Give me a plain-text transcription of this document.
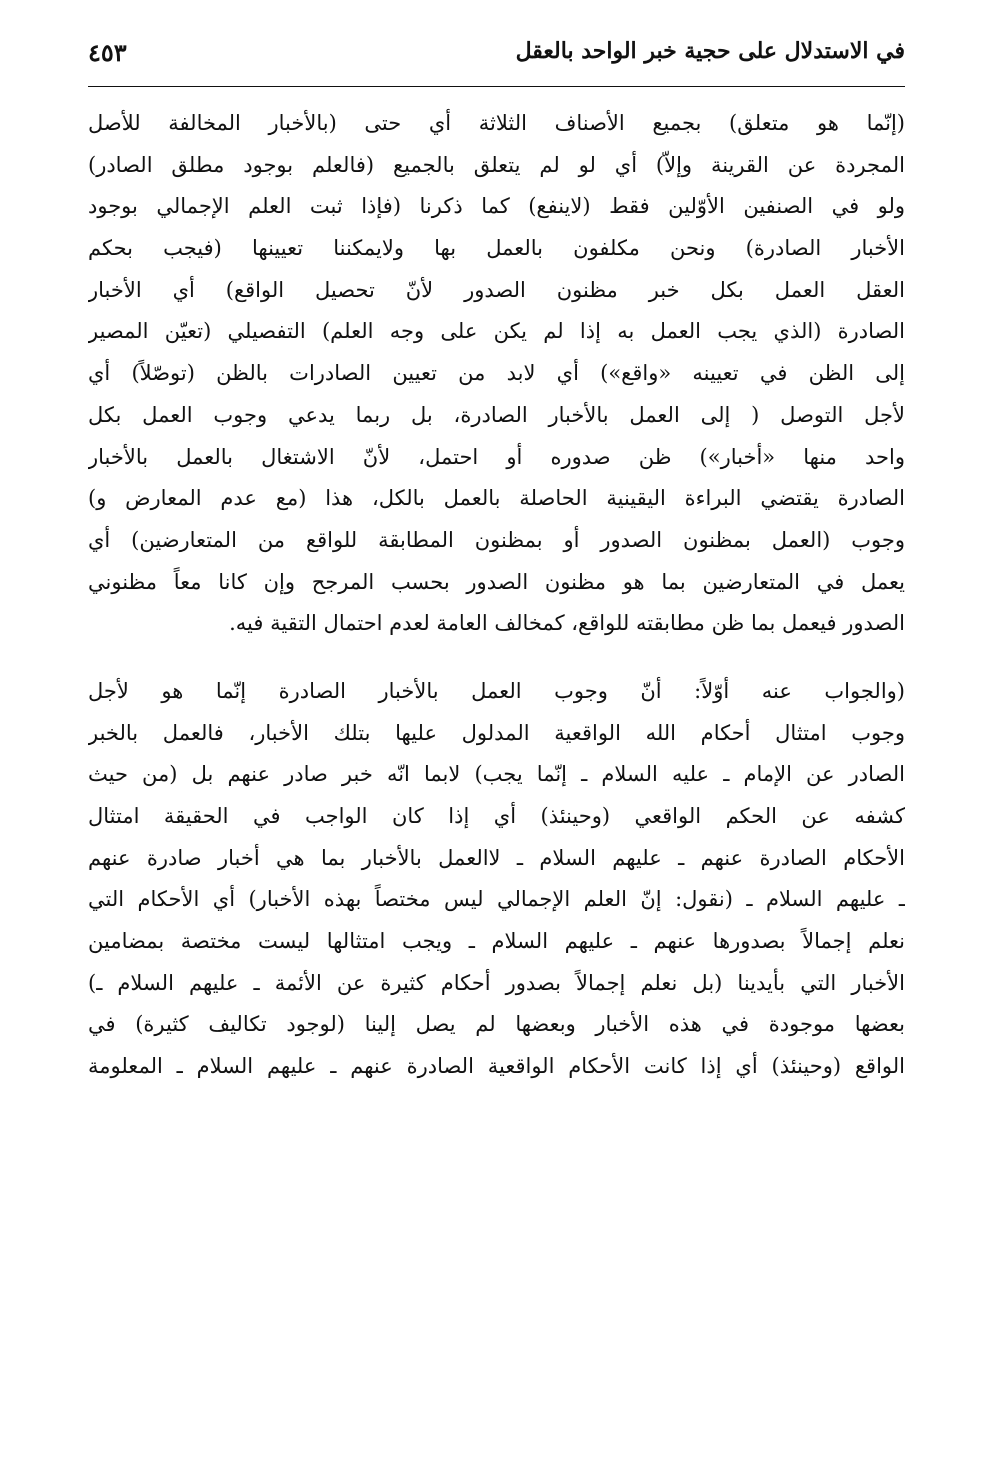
في الاستدلال على حجية خبر الواحد بالعقل
٤٥٣
(إنّما هو متعلق) بجميع الأصناف الثلاثة أي حتى (بالأخبار المخالفة للأصل
المجردة عن القرينة وإلاّ) أي لو لم يتعلق بالجميع (فالعلم بوجود مطلق الصادر)
ولو في الصنفين الأوّلين فقط (لاينفع) كما ذكرنا (فإذا ثبت العلم الإجمالي بوجود
الأخبار الصادرة) ونحن مكلفون بالعمل بها ولايمكننا تعيينها (فيجب بحكم
العقل العمل بكل خبر مظنون الصدور لأنّ تحصيل الواقع) أي الأخبار
الصادرة (الذي يجب العمل به إذا لم يكن على وجه العلم) التفصيلي (تعيّن المصير
إلى الظن في تعيينه «واقع») أي لابد من تعيين الصادرات بالظن (توصّلاً) أي
لأجل التوصل ( إلى العمل بالأخبار الصادرة، بل ربما يدعي وجوب العمل بكل
واحد منها «أخبار») ظن صدوره أو احتمل، لأنّ الاشتغال بالعمل بالأخبار
الصادرة يقتضي البراءة اليقينية الحاصلة بالعمل بالكل، هذا (مع عدم المعارض و)
وجوب (العمل بمظنون الصدور أو بمظنون المطابقة للواقع من المتعارضين) أي
يعمل في المتعارضين بما هو مظنون الصدور بحسب المرجح وإن كانا معاً مظنوني
الصدور فيعمل بما ظن مطابقته للواقع، كمخالف العامة لعدم احتمال التقية فيه.
(والجواب عنه أوّلاً: أنّ وجوب العمل بالأخبار الصادرة إنّما هو لأجل
وجوب امتثال أحكام الله الواقعية المدلول عليها بتلك الأخبار، فالعمل بالخبر
الصادر عن الإمام ـ عليه السلام ـ إنّما يجب) لابما انّه خبر صادر عنهم بل (من حيث
كشفه عن الحكم الواقعي (وحينئذ) أي إذا كان الواجب في الحقيقة امتثال
الأحكام الصادرة عنهم ـ عليهم السلام ـ لاالعمل بالأخبار بما هي أخبار صادرة عنهم
ـ عليهم السلام ـ (نقول: إنّ العلم الإجمالي ليس مختصاً بهذه الأخبار) أي الأحكام التي
نعلم إجمالاً بصدورها عنهم ـ عليهم السلام ـ ويجب امتثالها ليست مختصة بمضامين
الأخبار التي بأيدينا (بل نعلم إجمالاً بصدور أحكام كثيرة عن الأئمة ـ عليهم السلام ـ)
بعضها موجودة في هذه الأخبار وبعضها لم يصل إلينا (لوجود تكاليف كثيرة) في
الواقع (وحينئذ) أي إذا كانت الأحكام الواقعية الصادرة عنهم ـ عليهم السلام ـ المعلومة
